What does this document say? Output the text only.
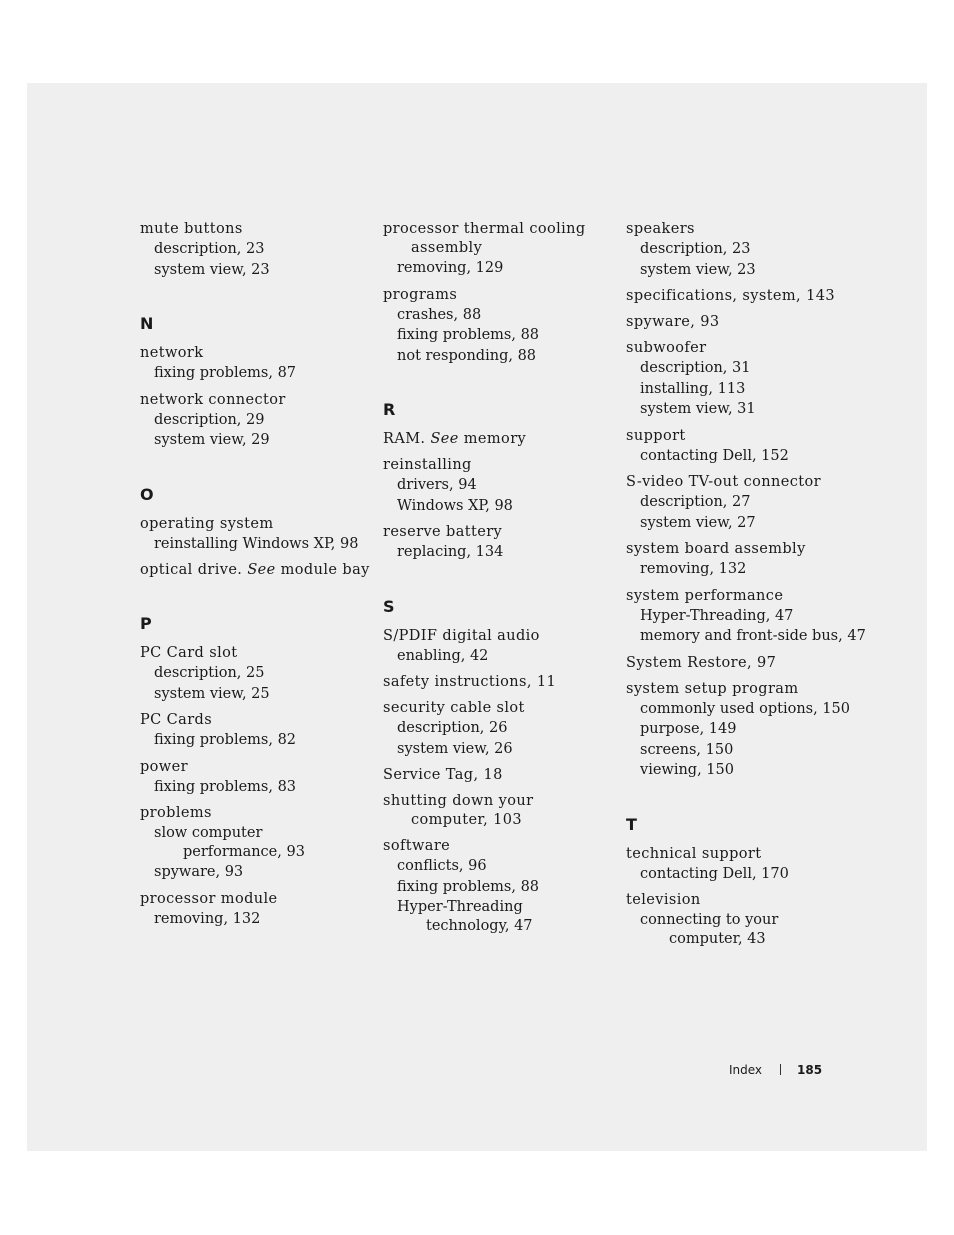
mute buttons
description, 23
system view, 23
N
network
fixing problems, 87
network connector
description, 29
system view, 29
O
operating system
reinstalling Windows XP, 98
optical drive. See module bay
P
PC Card slot
description, 25
system view, 25
PC Cards
fixing problems, 82
power
fixing problems, 83
problems
slow computer
performance, 93
spyware, 93
processor module
removing, 132
processor thermal cooling
assembly
removing, 129
programs
crashes, 88
fixing problems, 88
not responding, 88
R
RAM. See memory
reinstalling
drivers, 94
Windows XP, 98
reserve battery
replacing, 134
S
S/PDIF digital audio
enabling, 42
safety instructions, 11
security cable slot
description, 26
system view, 26
Service Tag, 18
shutting down your
computer, 103
software
conflicts, 96
fixing problems, 88
Hyper-Threading
technology, 47
speakers
description, 23
system view, 23
specifications, system, 143
spyware, 93
subwoofer
description, 31
installing, 113
system view, 31
support
contacting Dell, 152
S-video TV-out connector
description, 27
system view, 27
system board assembly
removing, 132
system performance
Hyper-Threading, 47
memory and front-side bus, 47
System Restore, 97
system setup program
commonly used options, 150
purpose, 149
screens, 150
viewing, 150
T
technical support
contacting Dell, 170
television
connecting to your
computer, 43
Index	185
